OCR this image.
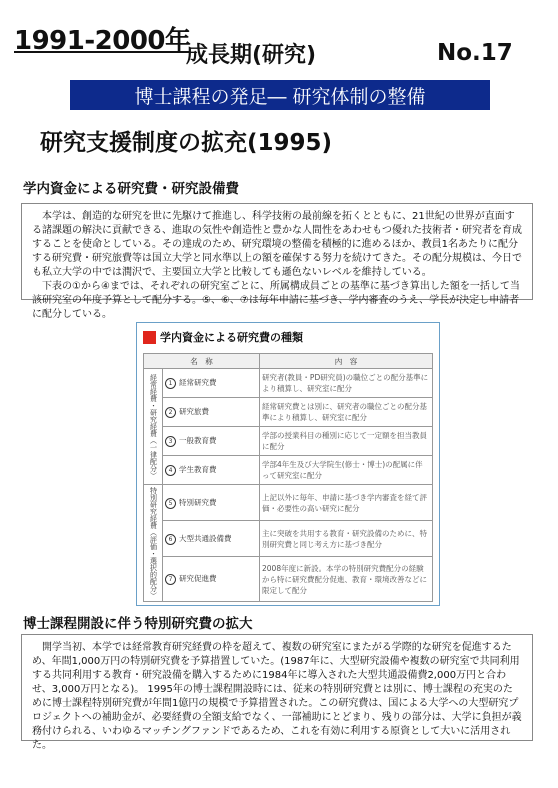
1991-2000年
成長期(研究)	No.17
博士課程の発足― 研究体制の整備
研究支援制度の拡充(1995)
学内資金による研究費・研究設備費

本学は、創造的な研究を世に先駆けて推進し、科学技術の最前線を拓くとともに、21世紀の世界が直面する諸課題の解決に貢献できる、進取の気性や創造性と豊かな人間性をあわせもつ優れた技術者・研究者を育成することを使命としている。その達成のため、研究環境の整備を積極的に進めるほか、教員1名あたりに配分する研究費・研究旅費等は国立大学と同水準以上の額を確保する努力を続けてきた。その配分規模は、今日でも私立大学の中では潤沢で、主要国立大学と比較しても遜色ないレベルを維持している。

下表の①から④までは、それぞれの研究室ごとに、所属構成員ごとの基準に基づき算出した額を一括して当該研究室の年度予算として配分する。⑤、⑥、⑦は毎年申請に基づき、学内審査のうえ、学長が決定し申請者に配分している。

学内資金による研究費の種類
名　称		内　容
経常経費・研究経費（一律配分）	1 経常研究費	研究者(教員・PD研究員)の職位ごとの配分基準により積算し、研究室に配分
	2 研究旅費	経常研究費とは別に、研究者の職位ごとの配分基準により積算し、研究室に配分
	3 一般教育費	学部の授業科目の種別に応じて一定額を担当教員に配分
	4 学生教育費	学部4年生及び大学院生(修士・博士)の配属に伴って研究室に配分
特別研究経費（評価・選択的配分）	5 特別研究費	上記以外に毎年、申請に基づき学内審査を経て評価・必要性の高い研究に配分
	6 大型共通設備費	主に突破を共用する教育・研究設備のために、特別研究費と同じ考え方に基づき配分
	7 研究促進費	2008年度に新設。本学の特別研究費配分の経験から特に研究費配分促進、教育・環境改善などに限定して配分
博士課程開設に伴う特別研究費の拡大

開学当初、本学では経常教育研究経費の枠を超えて、複数の研究室にまたがる学際的な研究を促進するため、年間1,000万円の特別研究費を予算措置していた。(1987年に、大型研究設備や複数の研究室で共同利用する共同利用する教育・研究設備を購入するために1984年に導入された大型共通設備費2,000万円と合わせ、3,000万円となる)。 1995年の博士課程開設時には、従来の特別研究費とは別に、博士課程の充実のために博士課程特別研究費が年間1億円の規模で予算措置された。この研究費は、国による大学への大型研究プロジェクトへの補助金が、必要経費の全額支給でなく、一部補助にとどまり、残りの部分は、大学に負担が義務付けられる、いわゆるマッチングファンドであるため、これを有効に利用する原資として大いに活用された。
